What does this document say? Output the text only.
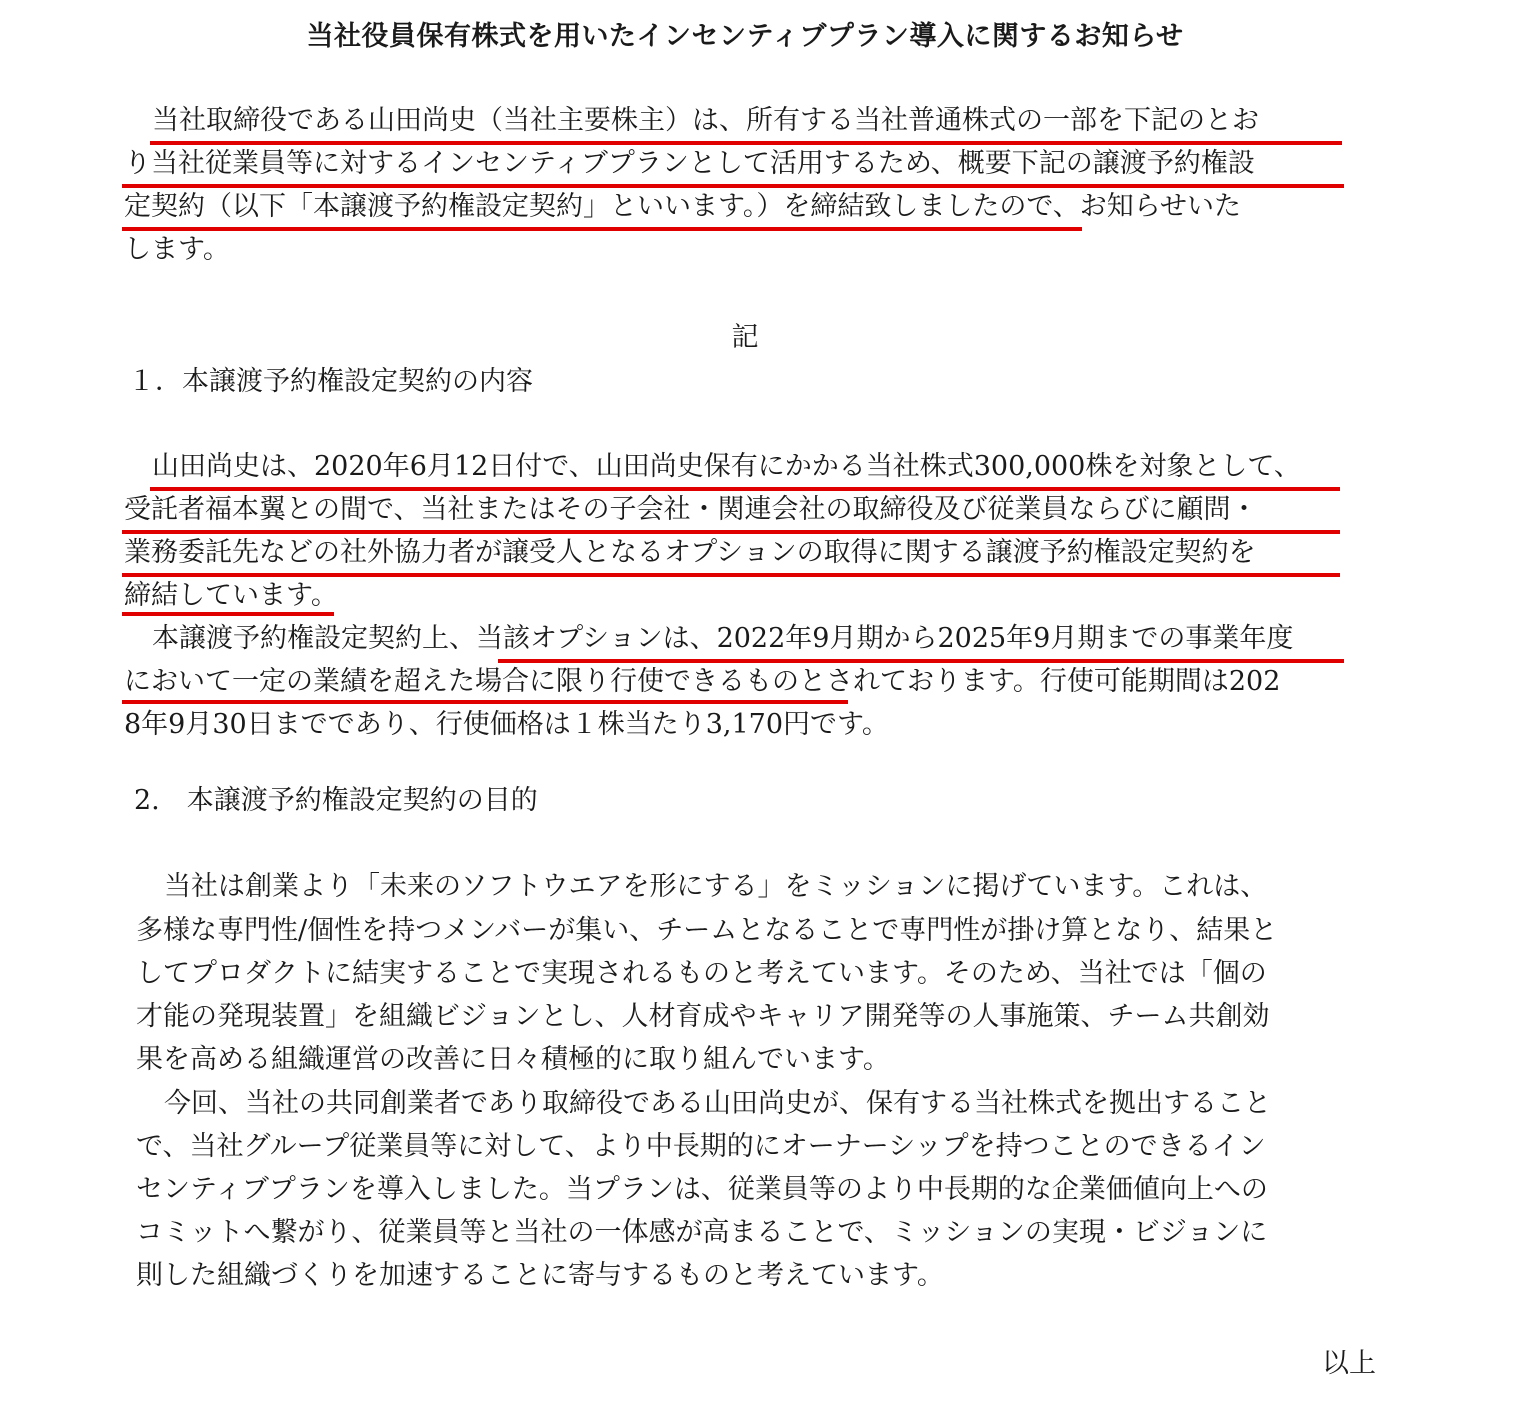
当社役員保有株式を用いたインセンティブプラン導入に関するお知らせ
当社取締役である山田尚史（当社主要株主）は、所有する当社普通株式の一部を下記のとお
り当社従業員等に対するインセンティブプランとして活用するため、概要下記の譲渡予約権設
定契約（以下「本譲渡予約権設定契約」といいます。）を締結致しましたので、お知らせいた
します。
記
１．本譲渡予約権設定契約の内容
山田尚史は、2020年6月12日付で、山田尚史保有にかかる当社株式300,000株を対象として、
受託者福本翼との間で、当社またはその子会社・関連会社の取締役及び従業員ならびに顧問・
業務委託先などの社外協力者が譲受人となるオプションの取得に関する譲渡予約権設定契約を
締結しています。
本譲渡予約権設定契約上、当該オプションは、2022年9月期から2025年9月期までの事業年度
において一定の業績を超えた場合に限り行使できるものとされております。行使可能期間は202
8年9月30日までであり、行使価格は１株当たり3,170円です。
2.　本譲渡予約権設定契約の目的
当社は創業より「未来のソフトウエアを形にする」をミッションに掲げています。これは、
多様な専門性/個性を持つメンバーが集い、チームとなることで専門性が掛け算となり、結果と
してプロダクトに結実することで実現されるものと考えています。そのため、当社では「個の
才能の発現装置」を組織ビジョンとし、人材育成やキャリア開発等の人事施策、チーム共創効
果を高める組織運営の改善に日々積極的に取り組んでいます。
今回、当社の共同創業者であり取締役である山田尚史が、保有する当社株式を拠出すること
で、当社グループ従業員等に対して、より中長期的にオーナーシップを持つことのできるイン
センティブプランを導入しました。当プランは、従業員等のより中長期的な企業価値向上への
コミットへ繋がり、従業員等と当社の一体感が高まることで、ミッションの実現・ビジョンに
則した組織づくりを加速することに寄与するものと考えています。
以上
